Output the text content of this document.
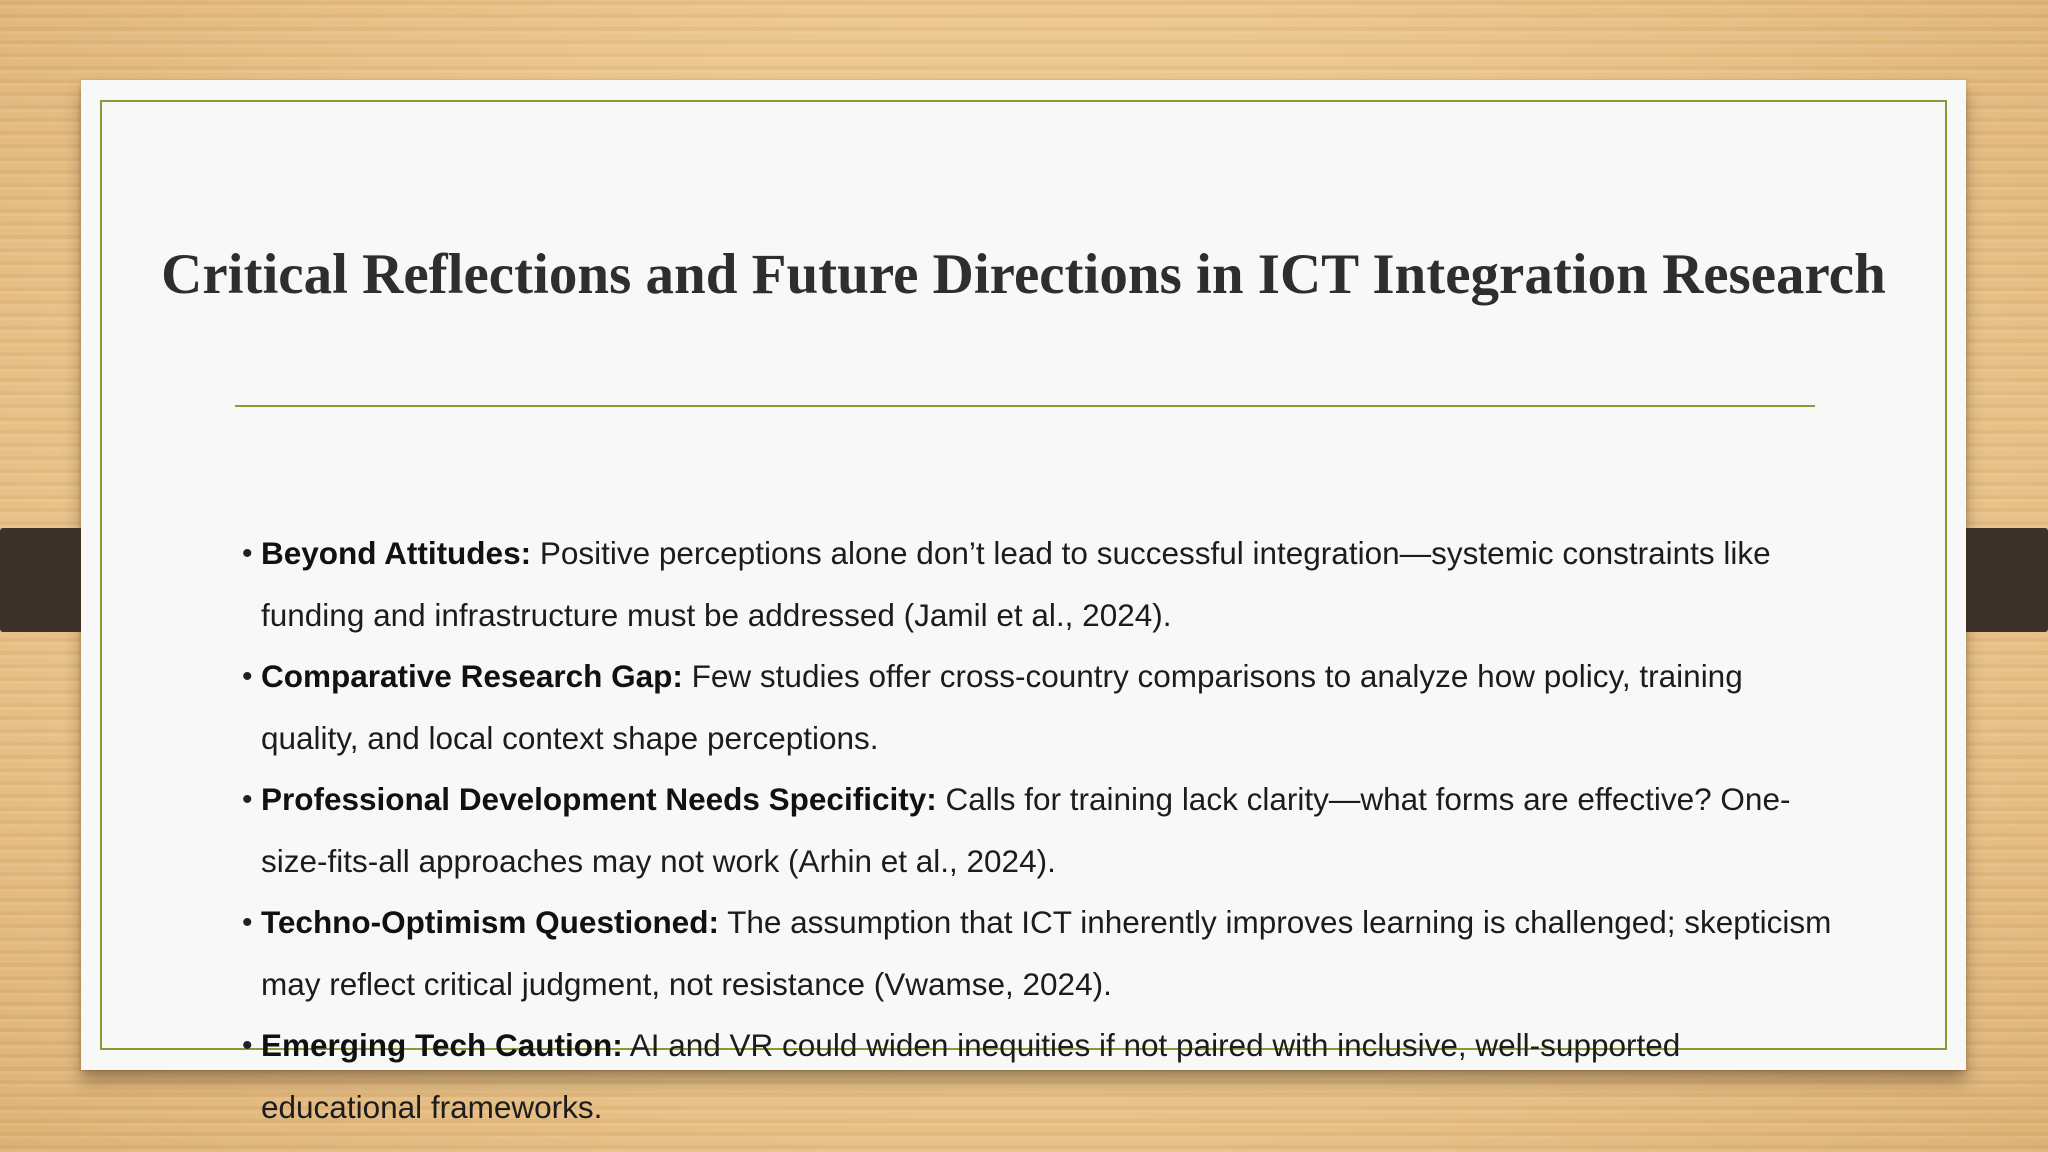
Critical Reflections and Future Directions in ICT Integration Research
• Beyond Attitudes: Positive perceptions alone don’t lead to successful integration—systemic constraints like
funding and infrastructure must be addressed (Jamil et al., 2024).
• Comparative Research Gap: Few studies offer cross-country comparisons to analyze how policy, training
quality, and local context shape perceptions.
• Professional Development Needs Specificity: Calls for training lack clarity—what forms are effective? One-
size-fits-all approaches may not work (Arhin et al., 2024).
• Techno-Optimism Questioned: The assumption that ICT inherently improves learning is challenged; skepticism
may reflect critical judgment, not resistance (Vwamse, 2024).
• Emerging Tech Caution: AI and VR could widen inequities if not paired with inclusive, well-supported
educational frameworks.
